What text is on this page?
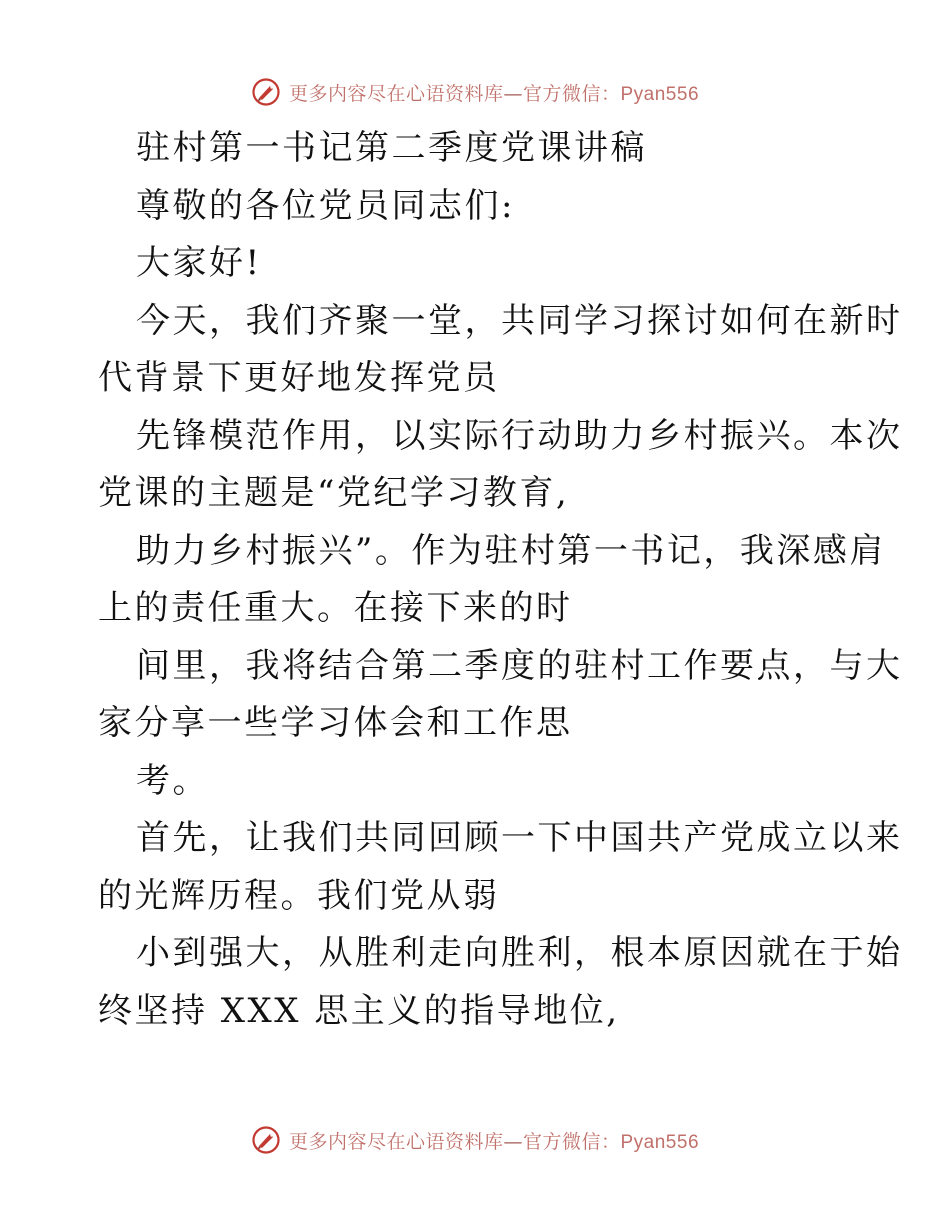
更多内容尽在心语资料库—官方微信：Pyan556
驻村第一书记第二季度党课讲稿
尊敬的各位党员同志们:
大家好!
今天，我们齐聚一堂，共同学习探讨如何在新时
代背景下更好地发挥党员
先锋模范作用，以实际行动助力乡村振兴。本次
党课的主题是“党纪学习教育,
助力乡村振兴”。作为驻村第一书记，我深感肩
上的责任重大。在接下来的时
间里，我将结合第二季度的驻村工作要点，与大
家分享一些学习体会和工作思
考。
首先，让我们共同回顾一下中国共产党成立以来
的光辉历程。我们党从弱
小到强大，从胜利走向胜利，根本原因就在于始
终坚持 XXX 思主义的指导地位,
更多内容尽在心语资料库—官方微信：Pyan556
